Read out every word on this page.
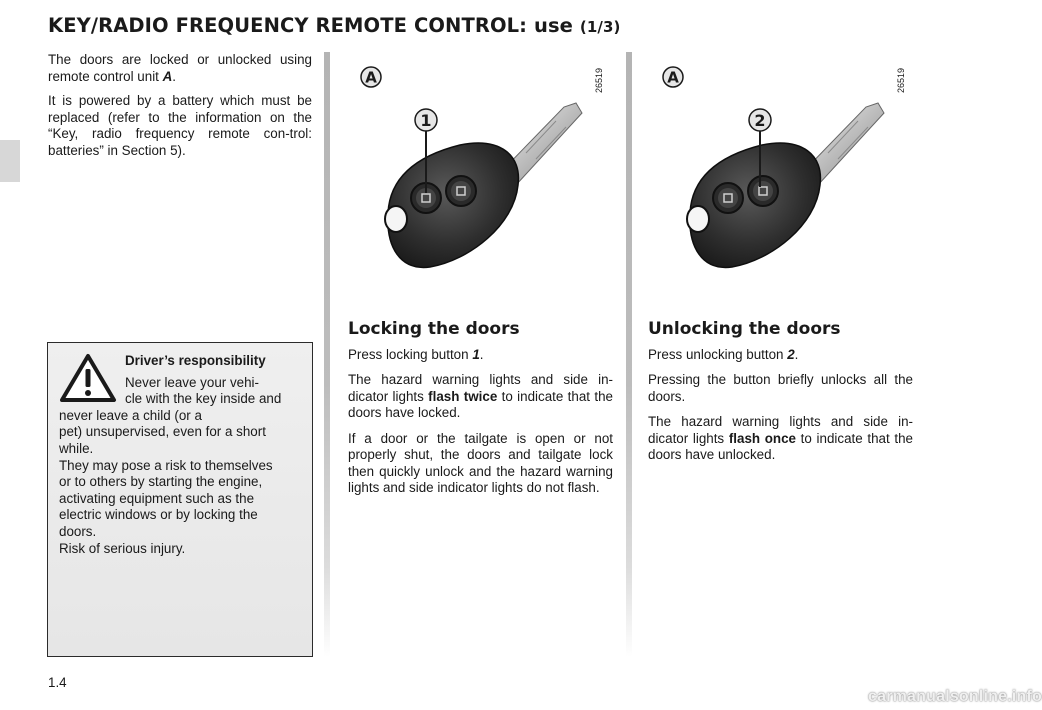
KEY/RADIO FREQUENCY REMOTE CONTROL: use (1/3)

The doors are locked or unlocked using remote control unit A.

It is powered by a battery which must be replaced (refer to the information on the “Key, radio frequency remote con-trol: batteries” in Section 5).

Driver’s responsibility
Never leave your vehi-
cle with the key inside and
never leave a child (or a
pet) unsupervised, even for a short
while.
They may pose a risk to themselves
or to others by starting the engine,
activating equipment such as the
electric windows or by locking the
doors.
Risk of serious injury.
A
1
26519	A
2
26519
Locking the doors

Press locking button 1.

The hazard warning lights and side in-dicator lights flash twice to indicate that the doors have locked.

If a door or the tailgate is open or not properly shut, the doors and tailgate lock then quickly unlock and the hazard warning lights and side indicator lights do not flash.

Unlocking the doors

Press unlocking button 2.

Pressing the button briefly unlocks all the doors.

The hazard warning lights and side in-dicator lights flash once to indicate that the doors have unlocked.

1.4
carmanualsonline.info
